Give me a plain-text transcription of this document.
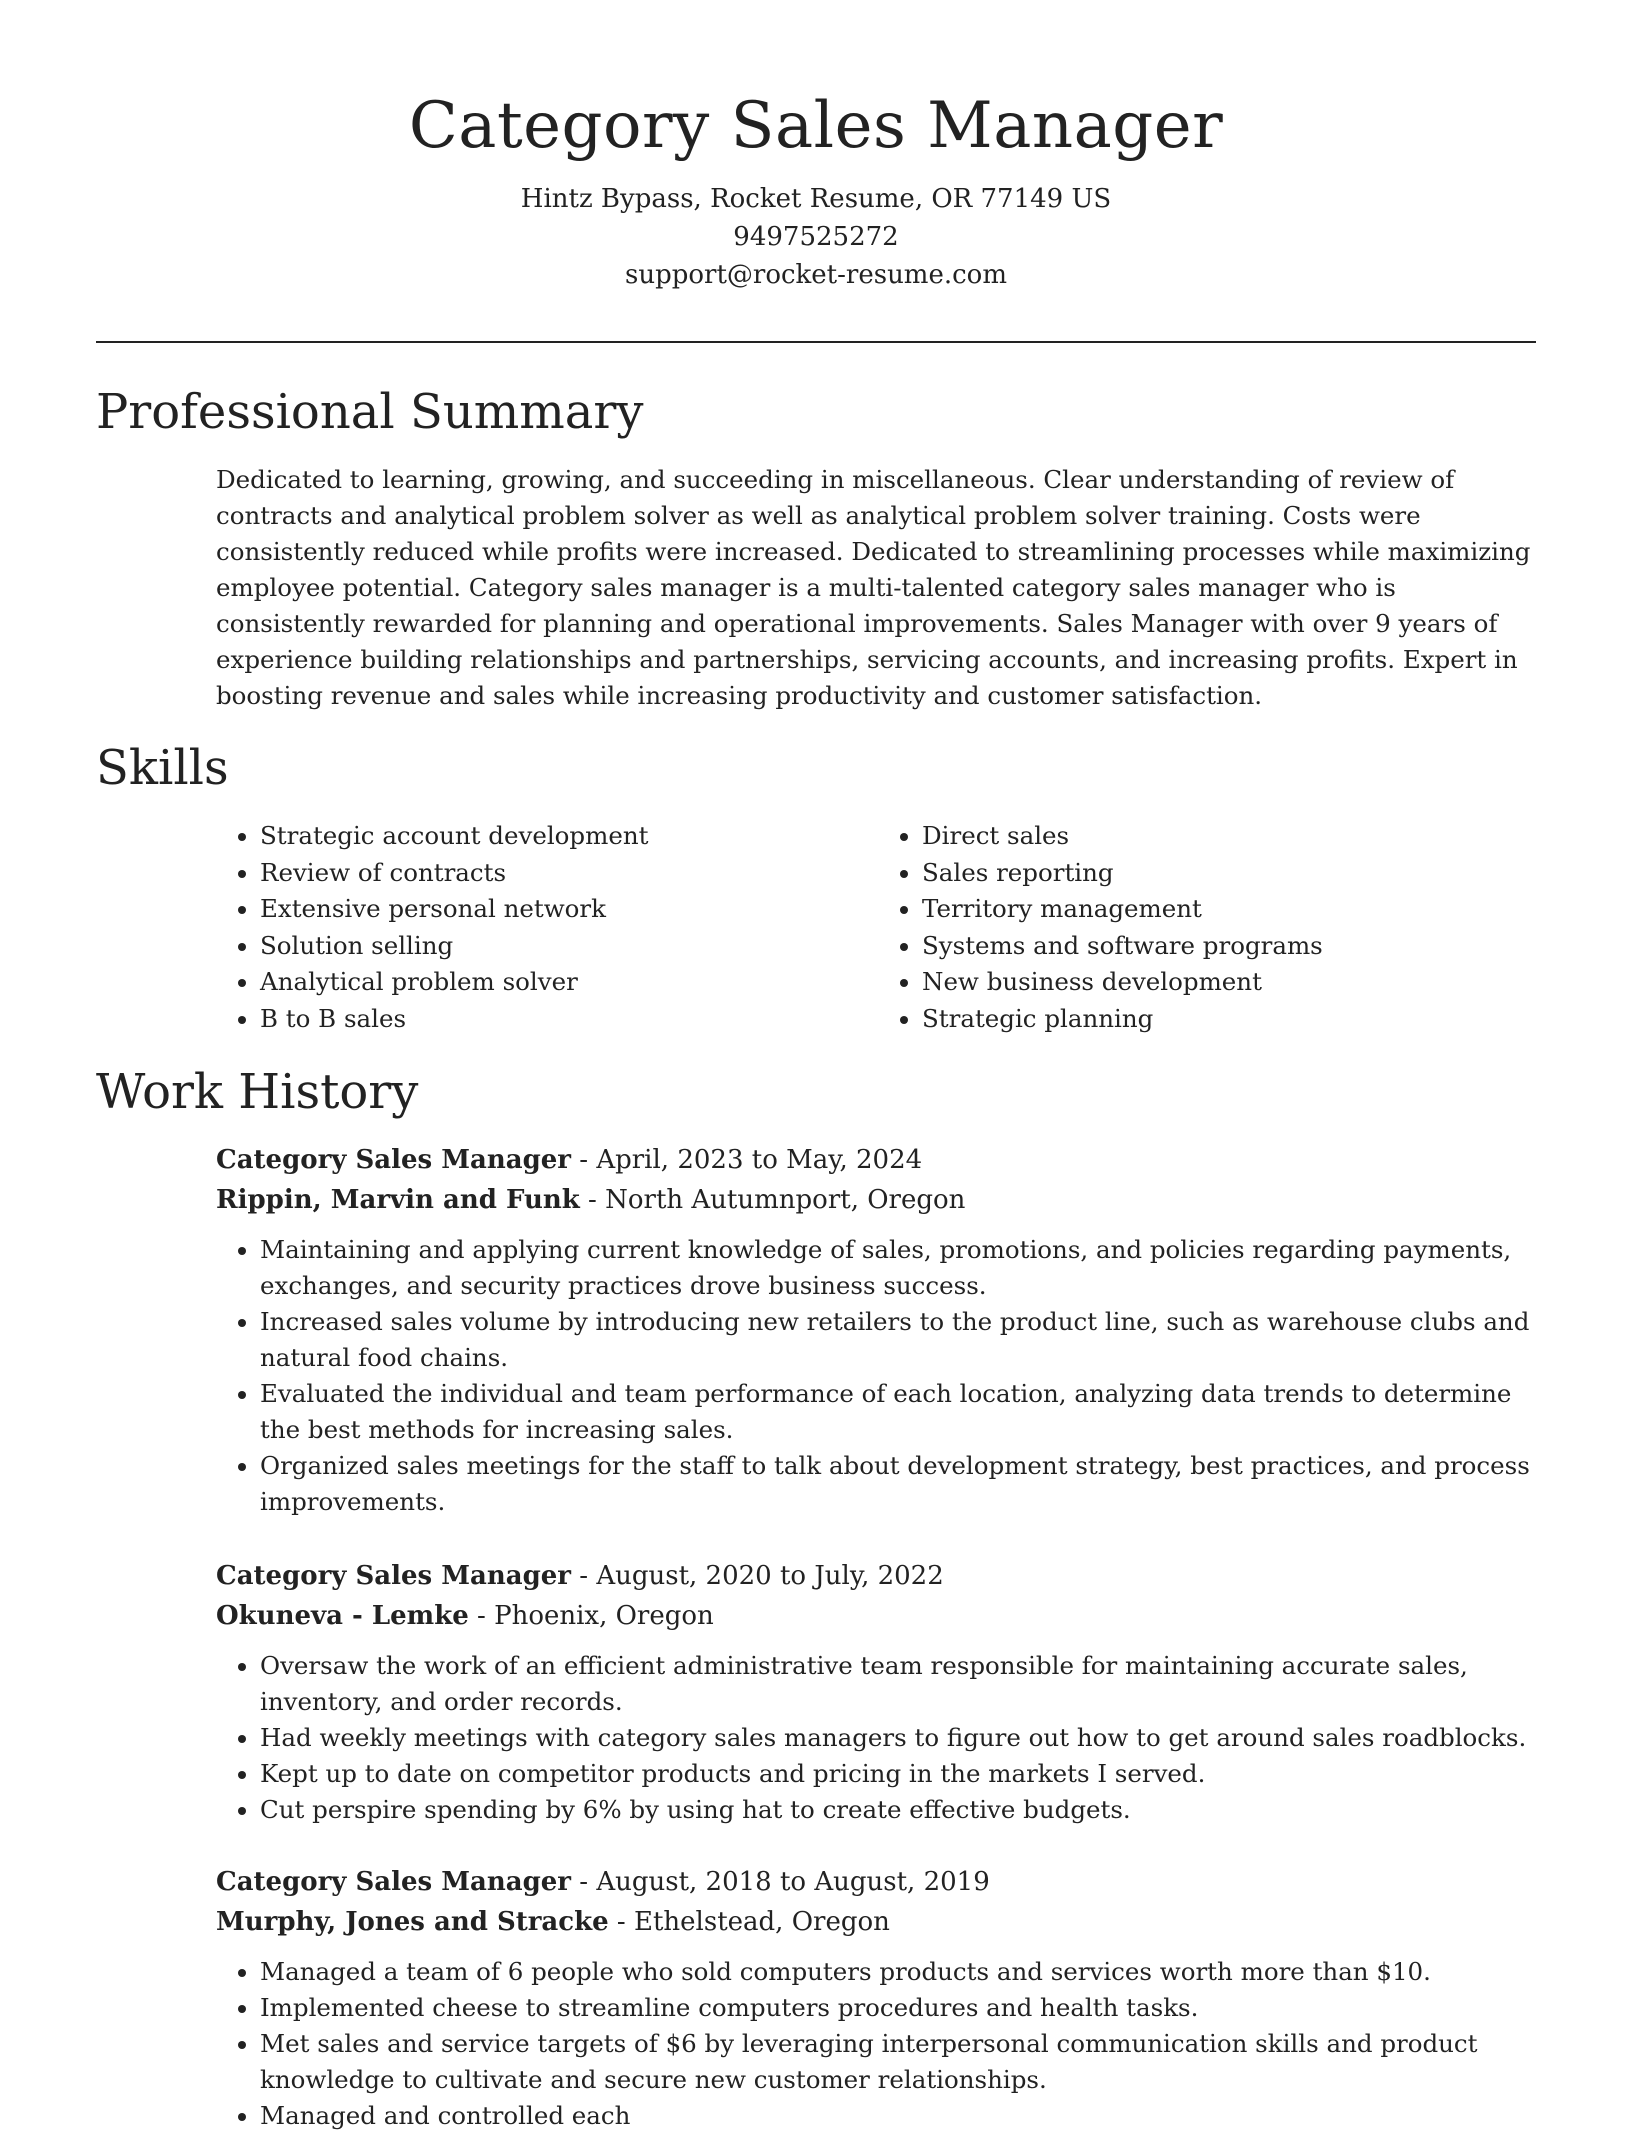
Category Sales Manager

Hintz Bypass, Rocket Resume, OR 77149 US

9497525272

support@rocket-resume.com

Professional Summary

Dedicated to learning, growing, and succeeding in miscellaneous. Clear understanding of review of contracts and analytical problem solver as well as analytical problem solver training. Costs were consistently reduced while profits were increased. Dedicated to streamlining processes while maximizing employee potential. Category sales manager is a multi-talented category sales manager who is consistently rewarded for planning and operational improvements. Sales Manager with over 9 years of experience building relationships and partnerships, servicing accounts, and increasing profits. Expert in boosting revenue and sales while increasing productivity and customer satisfaction.

Skills
• Strategic account development
• Review of contracts
• Extensive personal network
• Solution selling
• Analytical problem solver
• B to B sales
• Direct sales
• Sales reporting
• Territory management
• Systems and software programs
• New business development
• Strategic planning
Work History

Category Sales Manager - April, 2023 to May, 2024

Rippin, Marvin and Funk - North Autumnport, Oregon

• Maintaining and applying current knowledge of sales, promotions, and policies regarding payments, exchanges, and security practices drove business success.
• Increased sales volume by introducing new retailers to the product line, such as warehouse clubs and natural food chains.
• Evaluated the individual and team performance of each location, analyzing data trends to determine the best methods for increasing sales.
• Organized sales meetings for the staff to talk about development strategy, best practices, and process improvements.

Category Sales Manager - August, 2020 to July, 2022

Okuneva - Lemke - Phoenix, Oregon

• Oversaw the work of an efficient administrative team responsible for maintaining accurate sales, inventory, and order records.
• Had weekly meetings with category sales managers to figure out how to get around sales roadblocks.
• Kept up to date on competitor products and pricing in the markets I served.
• Cut perspire spending by 6% by using hat to create effective budgets.

Category Sales Manager - August, 2018 to August, 2019

Murphy, Jones and Stracke - Ethelstead, Oregon

• Managed a team of 6 people who sold computers products and services worth more than $10.
• Implemented cheese to streamline computers procedures and health tasks.
• Met sales and service targets of $6 by leveraging interpersonal communication skills and product knowledge to cultivate and secure new customer relationships.
• Managed and controlled each
